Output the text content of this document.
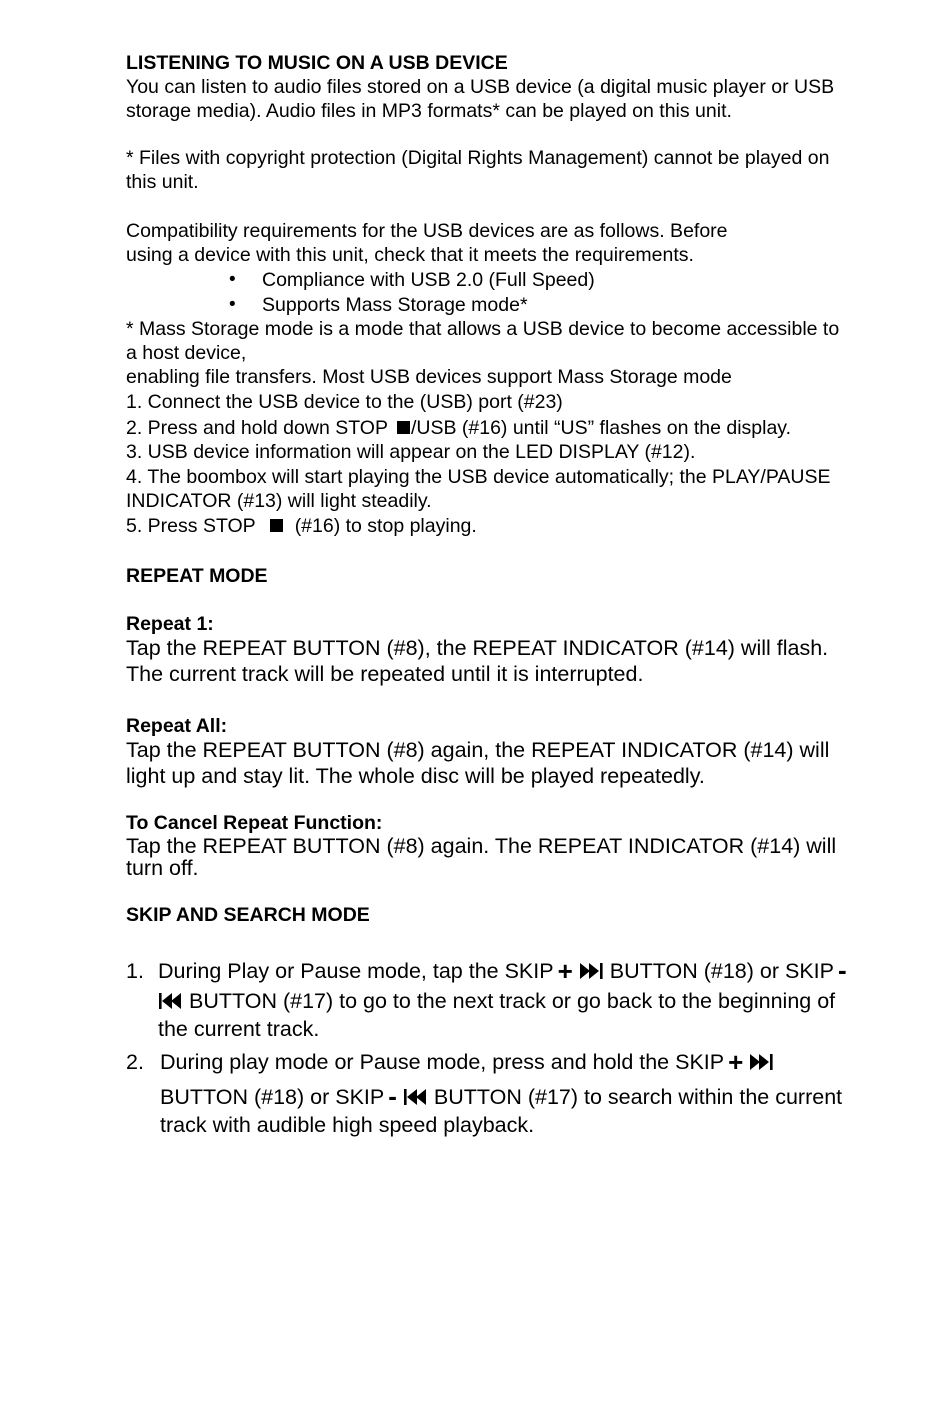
LISTENING TO MUSIC ON A USB DEVICE
You can listen to audio files stored on a USB device (a digital music player or USB
storage media). Audio files in MP3 formats* can be played on this unit.
* Files with copyright protection (Digital Rights Management) cannot be played on
this unit.
Compatibility requirements for the USB devices are as follows. Before
using a device with this unit, check that it meets the requirements.
• Compliance with USB 2.0 (Full Speed)
• Supports Mass Storage mode*
* Mass Storage mode is a mode that allows a USB device to become accessible to
a host device,
enabling file transfers. Most USB devices support Mass Storage mode
1. Connect the USB device to the (USB) port (#23)
2. Press and hold down STOP /USB (#16) until “US” flashes on the display.
3. USB device information will appear on the LED DISPLAY (#12).
4. The boombox will start playing the USB device automatically; the PLAY/PAUSE
INDICATOR (#13) will light steadily.
5. Press STOP (#16) to stop playing.
REPEAT MODE
Repeat 1:
Tap the REPEAT BUTTON (#8), the REPEAT INDICATOR (#14) will flash.
The current track will be repeated until it is interrupted.
Repeat All:
Tap the REPEAT BUTTON (#8) again, the REPEAT INDICATOR (#14) will
light up and stay lit. The whole disc will be played repeatedly.
To Cancel Repeat Function:
Tap the REPEAT BUTTON (#8) again. The REPEAT INDICATOR (#14) will
turn off.
SKIP AND SEARCH MODE
1. During Play or Pause mode, tap the SKIP + BUTTON (#18) or SKIP -
BUTTON (#17) to go to the next track or go back to the beginning of
the current track.
2. During play mode or Pause mode, press and hold the SKIP +
BUTTON (#18) or SKIP - BUTTON (#17) to search within the current
track with audible high speed playback.
